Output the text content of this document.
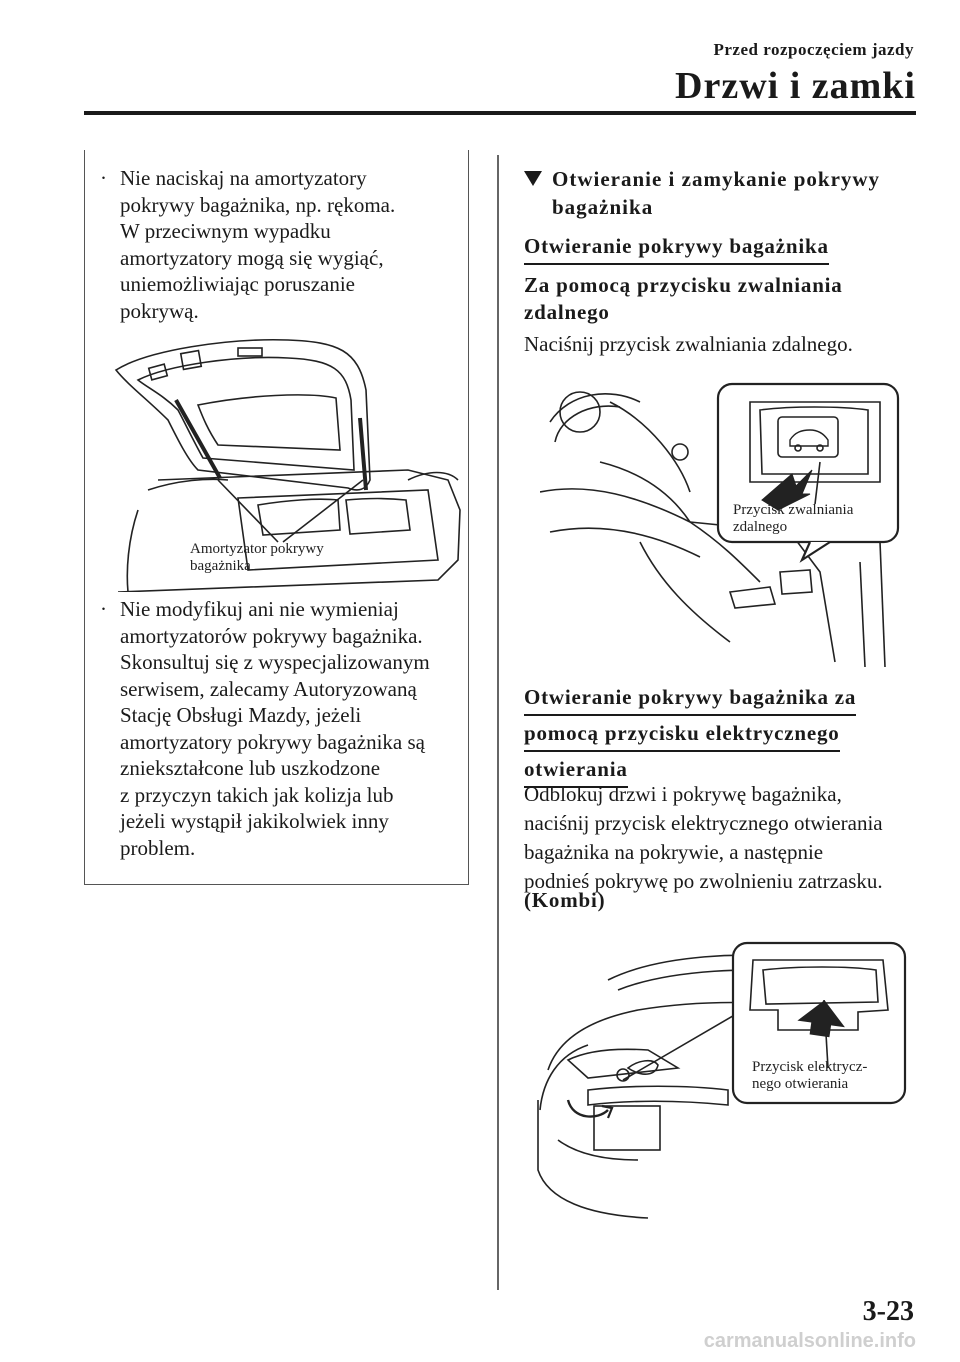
Przed rozpoczęciem jazdy
Drzwi i zamki
· Nie naciskaj na amortyzatory
pokrywy bagażnika, np. rękoma.
W przeciwnym wypadku
amortyzatory mogą się wygiąć,
uniemożliwiając poruszanie
pokrywą.
Amortyzator pokrywy
bagażnika
· Nie modyfikuj ani nie wymieniaj
amortyzatorów pokrywy bagażnika.
Skonsultuj się z wyspecjalizowanym
serwisem, zalecamy Autoryzowaną
Stację Obsługi Mazdy, jeżeli
amortyzatory pokrywy bagażnika są
zniekształcone lub uszkodzone
z przyczyn takich jak kolizja lub
jeżeli wystąpił jakikolwiek inny
problem.
Otwieranie i zamykanie pokrywy
bagażnika
Otwieranie pokrywy bagażnika
Za pomocą przycisku zwalniania
zdalnego
Naciśnij przycisk zwalniania zdalnego.
Przycisk zwalniania
zdalnego
Otwieranie pokrywy bagażnika za
pomocą przycisku elektrycznego
otwierania
Odblokuj drzwi i pokrywę bagażnika,
naciśnij przycisk elektrycznego otwierania
bagażnika na pokrywie, a następnie
podnieś pokrywę po zwolnieniu zatrzasku.
(Kombi)
Przycisk elektrycz-
nego otwierania
3-23
carmanualsonline.info
